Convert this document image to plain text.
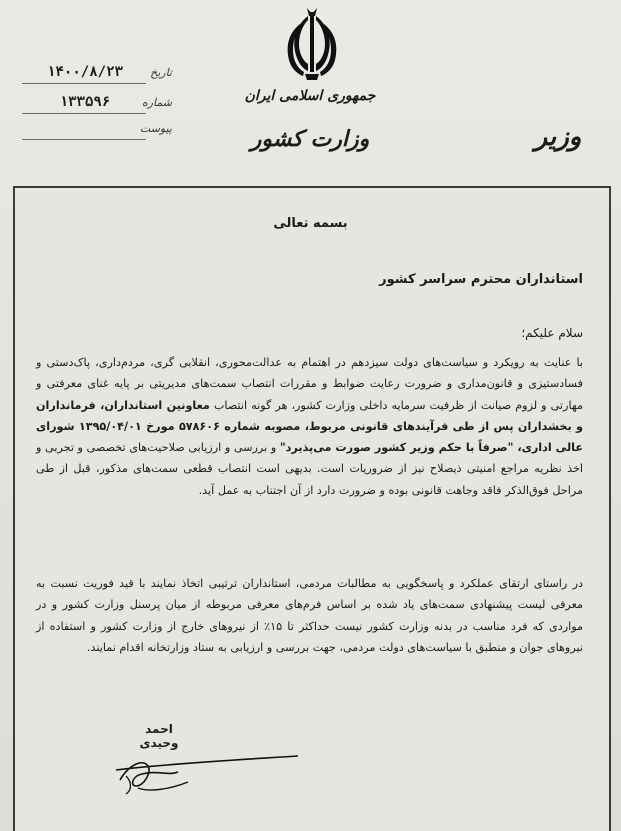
جمهوری اسلامی ایران
وزارت کشور	وزیر
۱۴۰۰/۸/۲۳	تاریخ
۱۳۳۵۹۶	شماره
پیوست
بسمه تعالی
استانداران محترم سراسر کشور
سلام علیکم؛
با عنایت به رویکرد و سیاست‌های دولت سیزدهم در اهتمام به عدالت‌محوری، انقلابی گری، مردم‌داری، پاک‌دستی و فسادستیزی و قانون‌مداری و ضرورت رعایت ضوابط و مقررات انتصاب سمت‌های مدیریتی بر پایه غنای معرفتی و مهارتی و لزوم صیانت از ظرفیت سرمایه داخلی وزارت کشور، هر گونه انتصاب معاونین استانداران، فرمانداران و بخشداران پس از طی فرآیندهای قانونی مربوط، مصوبه شماره ۵۷۸۶۰۶ مورخ ۱۳۹۵/۰۴/۰۱ شورای عالی اداری، "صرفاً با حکم وزیر کشور صورت می‌پذیرد" و بررسی و ارزیابی صلاحیت‌های تخصصی و تجربی و اخذ نظریه مراجع امنیتی ذیصلاح نیز از ضروریات است. بدیهی است انتصاب قطعی سمت‌های مذکور، قبل از طی مراحل فوق‌الذکر فاقد وجاهت قانونی بوده و ضرورت دارد از آن اجتناب به عمل آید.
در راستای ارتقای عملکرد و پاسخگویی به مطالبات مردمی، استانداران ترتیبی اتخاذ نمایند با قید فوریت نسبت به معرفی لیست پیشنهادی سمت‌های یاد شده بر اساس فرم‌های معرفی مربوطه از میان پرسنل وزارت کشور و در مواردی که فرد مناسب در بدنه وزارت کشور نیست حداکثر تا ۱۵٪ از نیروهای خارج از وزارت کشور و استفاده از نیروهای جوان و منطبق با سیاست‌های دولت مردمی، جهت بررسی و ارزیابی به ستاد وزارتخانه اقدام نمایند.
احمد وحیدی
